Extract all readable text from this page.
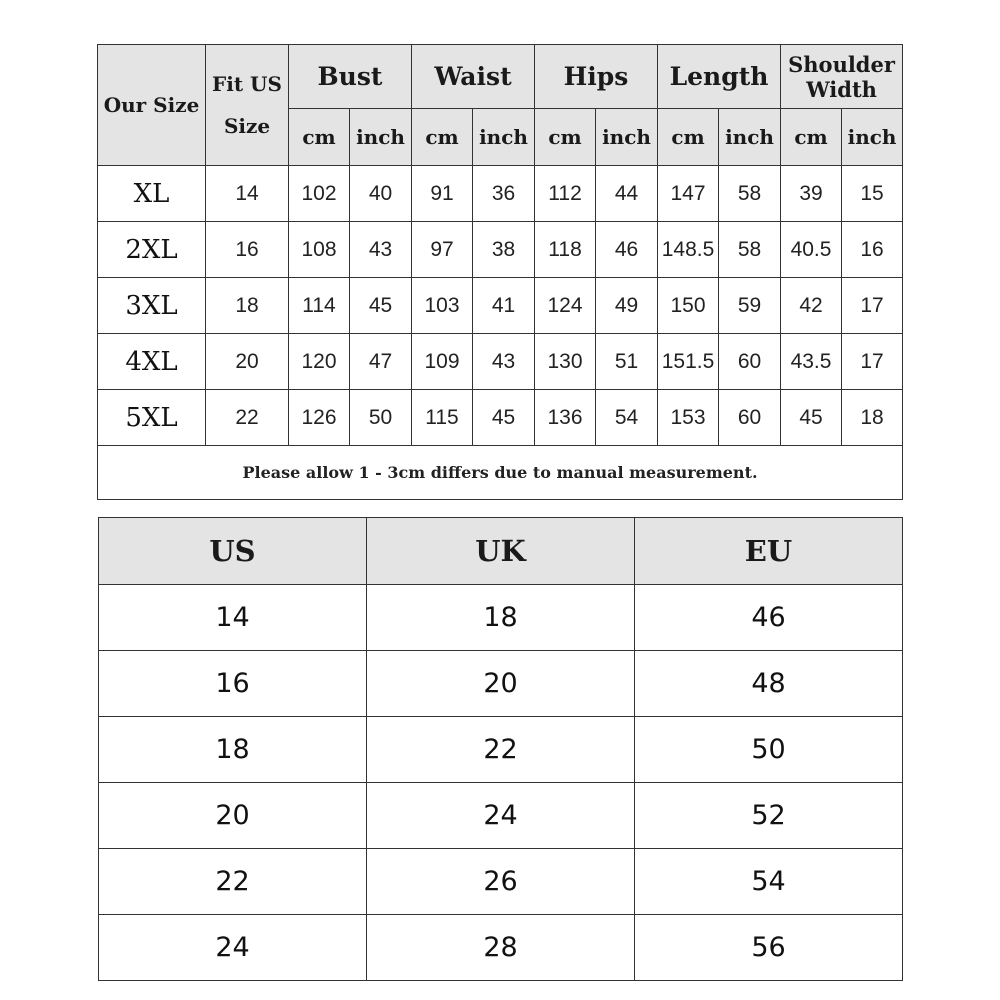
Our Size	Fit US Size	Bust		Waist		Hips		Length		Shoulder Width	
		cm	inch	cm	inch	cm	inch	cm	inch	cm	inch
XL	14	102	40	91	36	112	44	147	58	39	15
2XL	16	108	43	97	38	118	46	148.5	58	40.5	16
3XL	18	114	45	103	41	124	49	150	59	42	17
4XL	20	120	47	109	43	130	51	151.5	60	43.5	17
5XL	22	126	50	115	45	136	54	153	60	45	18
Please allow 1 - 3cm differs due to manual measurement.											
US	UK	EU
14	18	46
16	20	48
18	22	50
20	24	52
22	26	54
24	28	56
